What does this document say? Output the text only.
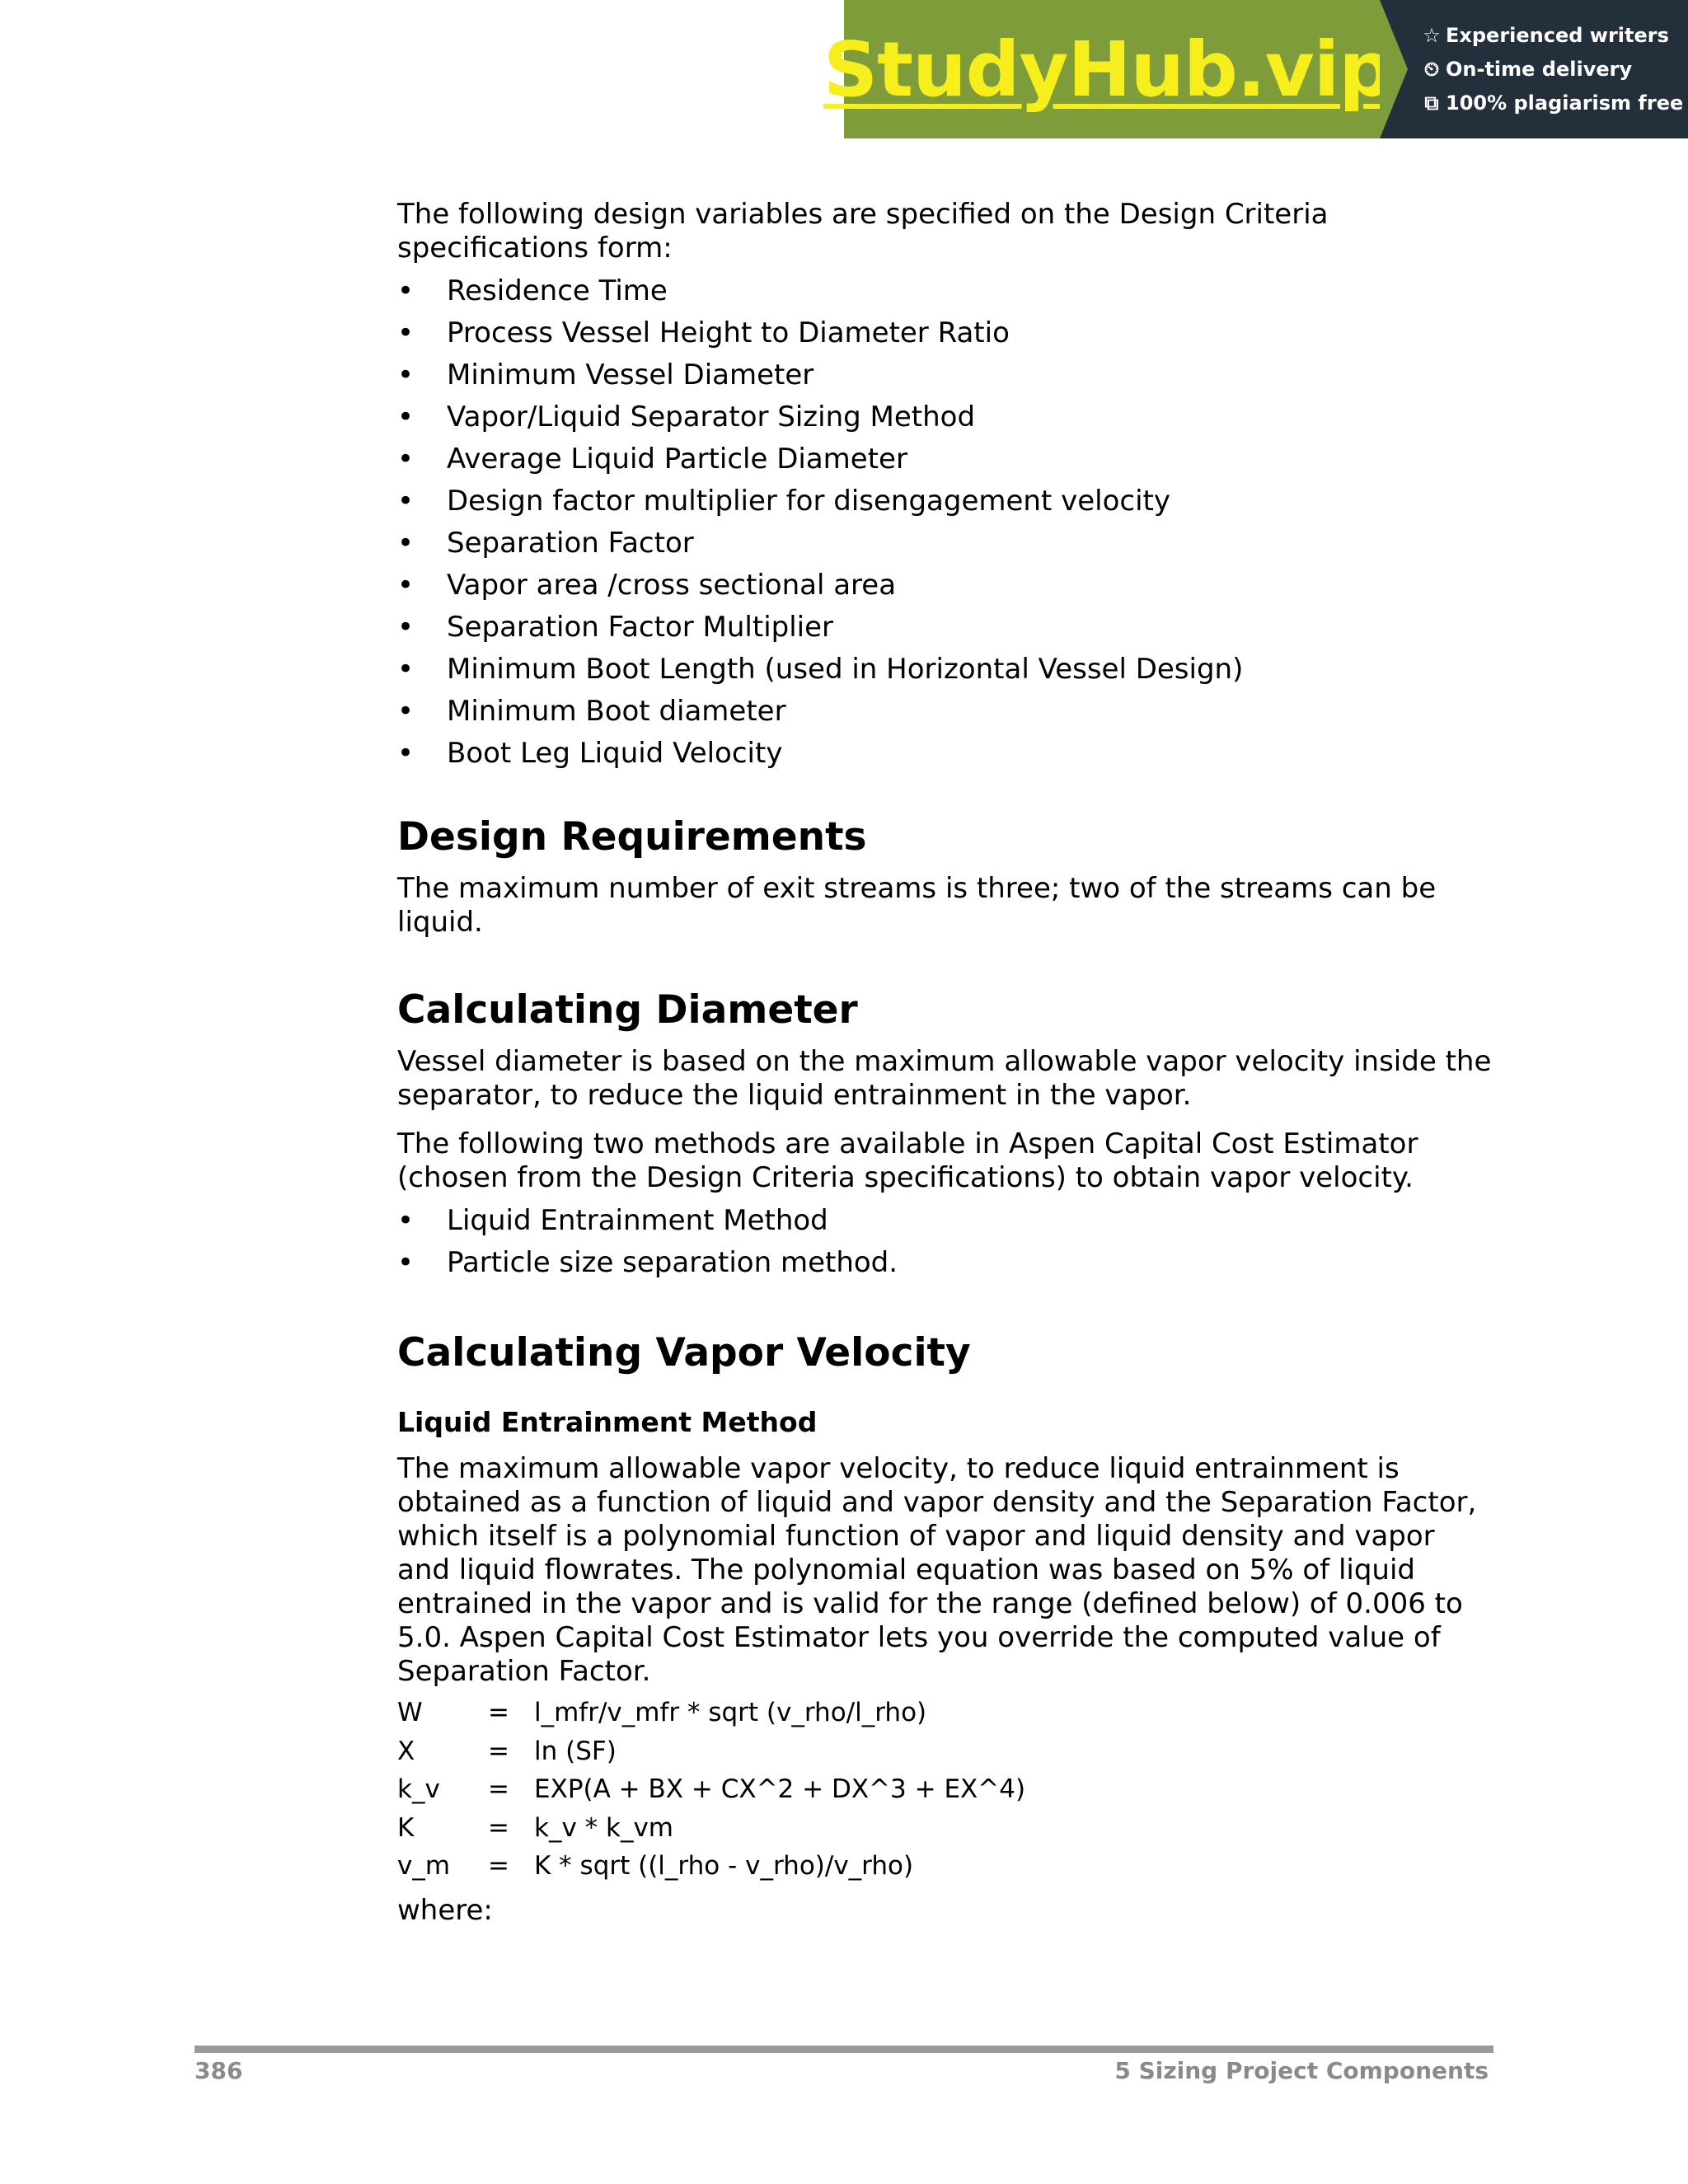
StudyHub.vip ☆ Experienced writers
⏲ On-time delivery
⧉ 100% plagiarism free

The following design variables are specified on the Design Criteria specifications form:

• Residence Time
• Process Vessel Height to Diameter Ratio
• Minimum Vessel Diameter
• Vapor/Liquid Separator Sizing Method
• Average Liquid Particle Diameter
• Design factor multiplier for disengagement velocity
• Separation Factor
• Vapor area /cross sectional area
• Separation Factor Multiplier
• Minimum Boot Length (used in Horizontal Vessel Design)
• Minimum Boot diameter
• Boot Leg Liquid Velocity
Design Requirements

The maximum number of exit streams is three; two of the streams can be liquid.

Calculating Diameter

Vessel diameter is based on the maximum allowable vapor velocity inside the separator, to reduce the liquid entrainment in the vapor.

The following two methods are available in Aspen Capital Cost Estimator (chosen from the Design Criteria specifications) to obtain vapor velocity.

• Liquid Entrainment Method
• Particle size separation method.
Calculating Vapor Velocity
Liquid Entrainment Method

The maximum allowable vapor velocity, to reduce liquid entrainment is obtained as a function of liquid and vapor density and the Separation Factor, which itself is a polynomial function of vapor and liquid density and vapor and liquid flowrates. The polynomial equation was based on 5% of liquid entrained in the vapor and is valid for the range (defined below) of 0.006 to 5.0. Aspen Capital Cost Estimator lets you override the computed value of Separation Factor.

W	= l_mfr/v_mfr * sqrt (v_rho/l_rho)
X	= ln (SF)
k_v	= EXP(A + BX + CX^2 + DX^3 + EX^4)
K	= k_v * k_vm
v_m	= K * sqrt ((l_rho - v_rho)/v_rho)

where:

386	5 Sizing Project Components
